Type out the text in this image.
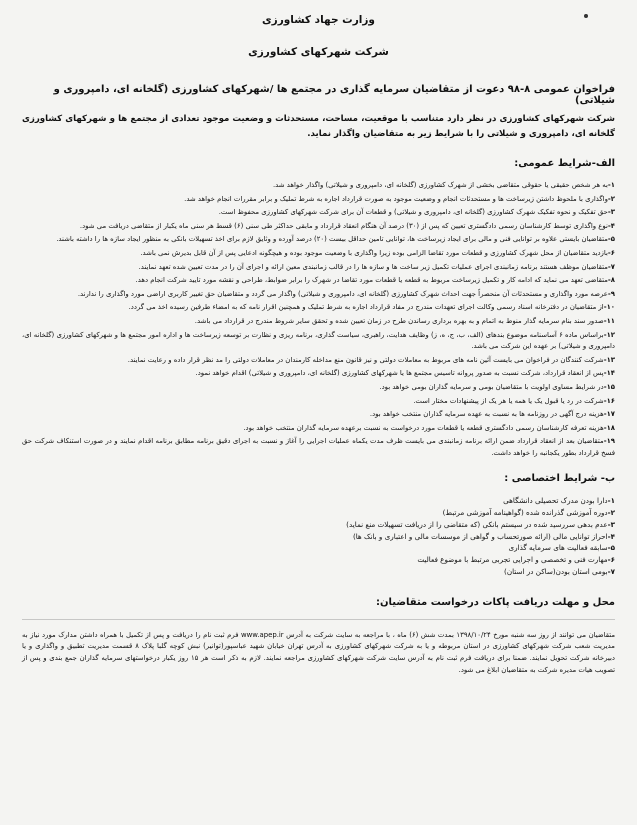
وزارت جهاد کشاورزی
شرکت شهرکهای کشاورزی
فراخوان عمومی ۸-۹۸ دعوت از متقاضیان سرمایه گذاری در مجتمع ها /شهرکهای کشاورزی (گلخانه ای، دامپروری و شیلاتی)
شرکت شهرکهای کشاورزی در نظر دارد متناسب با موقعیت، مساحت، مستحدثات و وضعیت موجود تعدادی از مجتمع ها و شهرکهای کشاورزی گلخانه ای، دامپروری و شیلاتی را با شرایط زیر به متقاضیان واگذار نماید.
الف-شرایط عمومی:
۱-به هر شخص حقیقی یا حقوقی متقاضی بخشی از شهرک کشاورزی (گلخانه ای، دامپروری و شیلاتی) واگذار خواهد شد.
۲-واگذاری با ملحوظ داشتن زیرساخت ها و مستحدثات انجام و وضعیت موجود به صورت قرارداد اجاره به شرط تملیک و برابر مقررات انجام خواهد شد.
۳-حق تفکیک و نحوه تفکیک شهرک کشاورزی (گلخانه ای، دامپروری و شیلاتی) و قطعات آن برای شرکت شهرکهای کشاورزی محفوظ است.
۴-نوع واگذاری توسط کارشناسان رسمی دادگستری تعیین که پس از (۳۰) درصد آن هنگام انعقاد قرارداد و مابقی حداکثر طی سنی (۶) قسط هر سنی ماه یکبار از متقاضی دریافت می شود.
۵-متقاضیان بایستی علاوه بر توانایی فنی و مالی برای ایجاد زیرساخت ها، توانایی تامین حداقل بیست (۲۰) درصد آورده و وثایق لازم برای اخذ تسهیلات بانکی به منظور ایجاد سازه ها را داشته باشند.
۶-بازدید متقاضیان از محل شهرک کشاورزی و قطعات مورد تقاضا الزامی بوده زیرا واگذاری با وضعیت موجود بوده و هیچگونه ادعایی پس از آن قابل بدیرش نمی باشد.
۷-متقاضیان موظف هستند برنامه زمانبندی اجرای عملیات تکمیل زیر ساخت ها و سازه ها را در قالب زمانبندی معین ارائه و اجرای آن را در مدت تعیین شده تعهد نمایند.
۸-متقاضی تعهد می نماید که ادامه کار و تکمیل زیرساخت مربوط به قطعه یا قطعات مورد تقاضا در شهرک را برابر ضوابط، طراحی و نقشه مورد تایید شرکت انجام دهد.
۹-عرصه مورد واگذاری و مستحدثات آن منحصراً جهت احداث شهرک کشاورزی (گلخانه ای، دامپروری و شیلاتی) واگذار می گردد و متقاضیان حق تغییر کاربری اراضی مورد واگذاری را ندارند.
۱۰-از متقاضیان در دفترخانه اسناد رسمی وکالت اجرای تعهدات مندرج در مفاد قرارداد اجاره به شرط تملیک و همچنین اقرار نامه که به امضاء طرفین رسیده اخذ می گردد.
۱۱-صدور سند بنام سرمایه گذار منوط به اتمام و به بهره برداری رساندن طرح در زمان تعیین شده و تحقق سایر شروط مندرج در قرارداد می باشد.
۱۲-براساس ماده ۶ آساسنامه موضوع بندهای (الف، ب، ج، ه، ز) وظایف هدایت، راهبری، سیاست گذاری، برنامه ریزی و نظارت بر توسعه زیرساخت ها و اداره امور مجتمع ها و شهرکهای کشاورزی (گلخانه ای، دامپروری و شیلاتی) بر عهده این شرکت می باشد.
۱۳-شرکت کنندگان در فراخوان می بایست آئین نامه های مربوط به معاملات دولتی و نیز قانون منع مداخله کارمندان در معاملات دولتی را مد نظر قرار داده و رعایت نمایند.
۱۴-پس از انعقاد قرارداد، شرکت نسبت به صدور پروانه تاسیس مجتمع ها یا شهرکهای کشاورزی (گلخانه ای، دامپروری و شیلاتی) اقدام خواهد نمود.
۱۵-در شرایط مساوی اولویت با متقاضیان بومی و سرمایه گذاران بومی خواهد بود.
۱۶-شرکت در رد یا قبول یک یا همه یا هر یک از پیشنهادات مختار است.
۱۷-هزینه درج آگهی در روزنامه ها به نسبت به عهده سرمایه گذاران منتخب خواهد بود.
۱۸-هزینه تعرفه کارشناسان رسمی دادگستری قطعه یا قطعات مورد درخواست به نسبت برعهده سرمایه گذاران منتخب خواهد بود.
۱۹-متقاضیان بعد از انعقاد قرارداد ضمن ارائه برنامه زمانبندی می بایست ظرف مدت یکماه عملیات اجرایی را آغاز و نسبت به اجرای دقیق برنامه مطابق برنامه اقدام نمایند و در صورت استنکاف شرکت حق فسخ قرارداد بطور یکجانبه را خواهد داشت.
ب- شرایط اختصاصی :
۱-دارا بودن مدرک تحصیلی دانشگاهی
۲-دوره آموزشی گذرانده شده (گواهینامه آموزشی مرتبط)
۳-عدم بدهی سررسید شده در سیستم بانکی (که متقاضی را از دریافت تسهیلات منع نماید)
۴-احراز توانایی مالی (ارائه صورتحساب و گواهی از موسسات مالی و اعتباری و بانک ها)
۵-سابقه فعالیت های سرمایه گذاری
۶-مهارت فنی و تخصصی و اجرایی تجربی مرتبط با موضوع فعالیت
۷-بومی استان بودن(ساکن در استان)
محل و مهلت دریافت پاکات درخواست متقاضیان:
متقاضیان می توانند از روز سه شنبه مورخ ۱۳۹۸/۱۰/۲۴ بمدت شش (۶) ماه ، با مراجعه به سایت شرکت به آدرس www.apep.ir فرم ثبت نام را دریافت و پس از تکمیل با همراه داشتن مدارک مورد نیاز به مدیریت شعب شرکت شهرکهای کشاورزی در استان مربوطه و یا به شرکت شهرکهای کشاورزی به آدرس تهران خیابان شهید عباسپور(توانیر) نبش کوچه گلبا پلاک ۸ قسمت مدیریت تطبیق و واگذاری و یا دبیرخانه شرکت تحویل نمایند. ضمنا برای دریافت فرم ثبت نام به آدرس سایت شرکت شهرکهای کشاورزی مراجعه نمایند. لازم به ذکر است هر ۱۵ روز یکبار درخواستهای سرمایه گذاران جمع بندی و پس از تصویب هیات مدیره شرکت به متقاضیان ابلاغ می شود.
